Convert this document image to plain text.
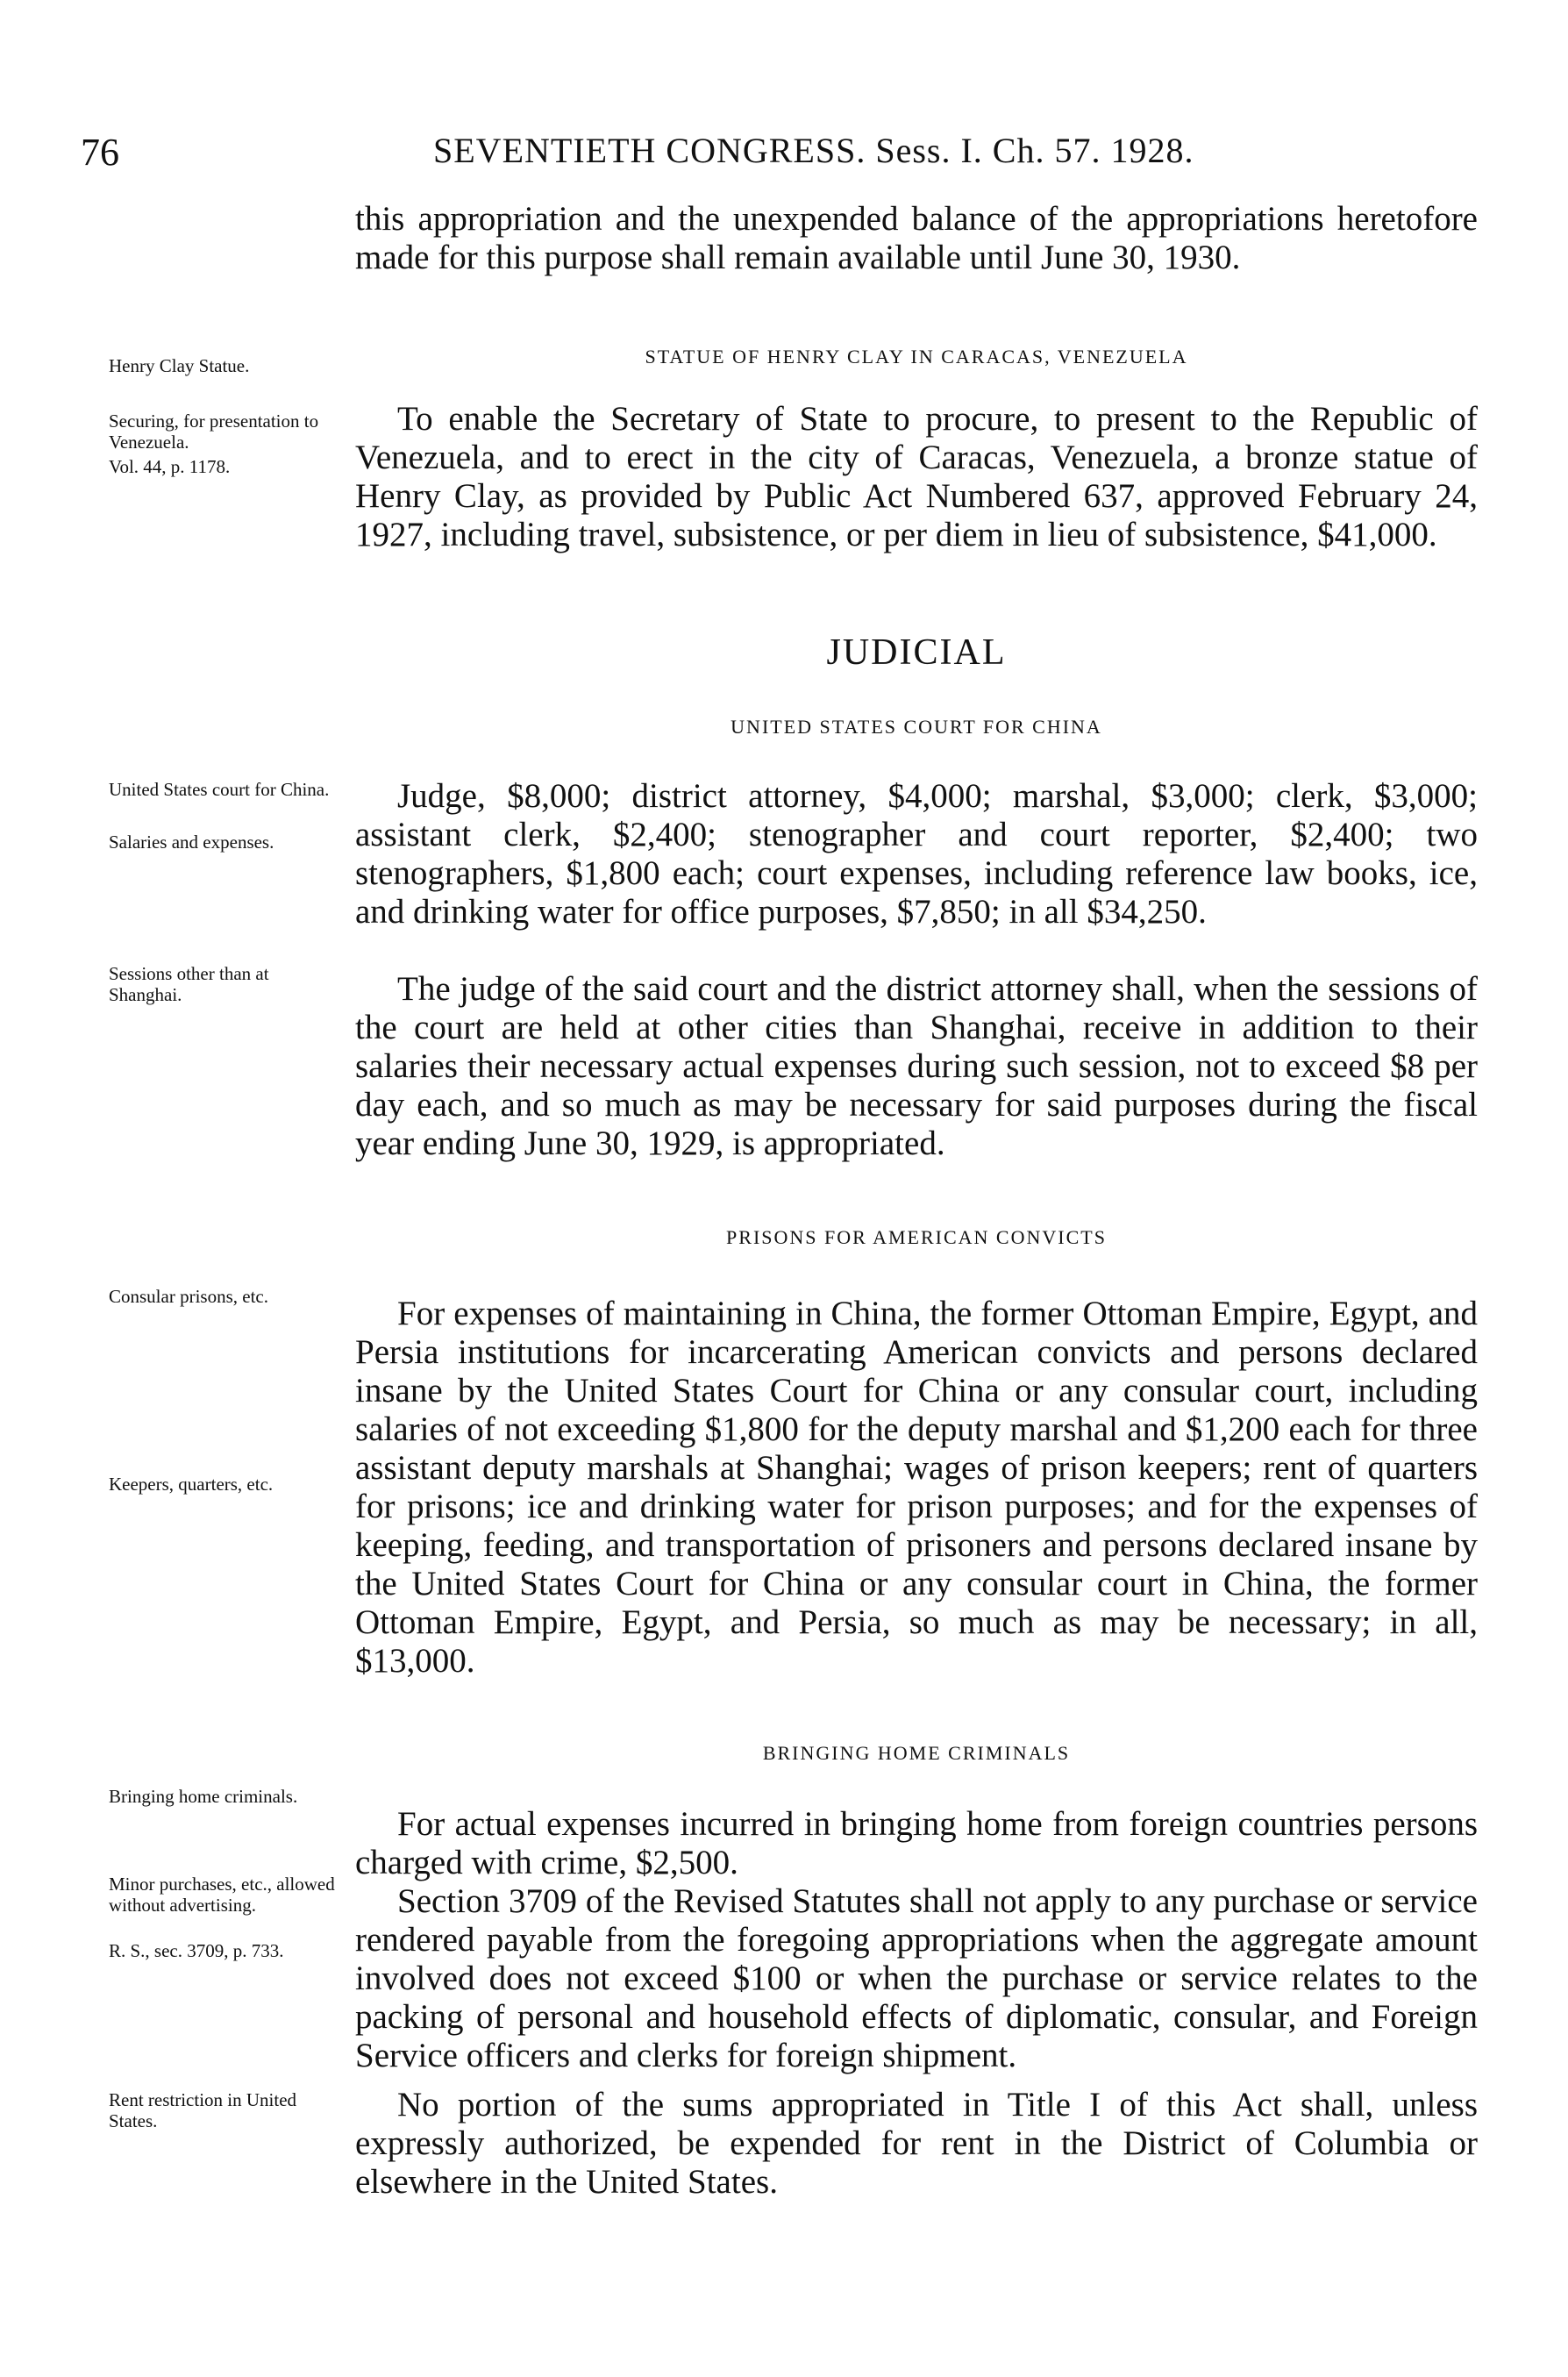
76	SEVENTIETH CONGRESS. Sess. I. Ch. 57. 1928.

this appropriation and the unexpended balance of the appropriations heretofore made for this purpose shall remain available until June 30, 1930.

Henry Clay Statue.	STATUE OF HENRY CLAY IN CARACAS, VENEZUELA
Securing, for presentation to Venezuela.
Vol. 44, p. 1178.

To enable the Secretary of State to procure, to present to the Republic of Venezuela, and to erect in the city of Caracas, Venezuela, a bronze statue of Henry Clay, as provided by Public Act Numbered 637, approved February 24, 1927, including travel, subsistence, or per diem in lieu of subsistence, $41,000.

JUDICIAL
UNITED STATES COURT FOR CHINA
United States court for China.
Salaries and expenses.

Judge, $8,000; district attorney, $4,000; marshal, $3,000; clerk, $3,000; assistant clerk, $2,400; stenographer and court reporter, $2,400; two stenographers, $1,800 each; court expenses, including reference law books, ice, and drinking water for office purposes, $7,850; in all $34,250.

Sessions other than at Shanghai.	The judge of the said court and the district attorney shall, when the sessions of the court are held at other cities than Shanghai, receive in addition to their salaries their necessary actual expenses during such session, not to exceed $8 per day each, and so much as may be necessary for said purposes during the fiscal year ending June 30, 1929, is appropriated.

PRISONS FOR AMERICAN CONVICTS
Consular prisons, etc.
Keepers, quarters, etc.

For expenses of maintaining in China, the former Ottoman Empire, Egypt, and Persia institutions for incarcerating American convicts and persons declared insane by the United States Court for China or any consular court, including salaries of not exceeding $1,800 for the deputy marshal and $1,200 each for three assistant deputy marshals at Shanghai; wages of prison keepers; rent of quarters for prisons; ice and drinking water for prison purposes; and for the expenses of keeping, feeding, and transportation of prisoners and persons declared insane by the United States Court for China or any consular court in China, the former Ottoman Empire, Egypt, and Persia, so much as may be necessary; in all, $13,000.

BRINGING HOME CRIMINALS
Bringing home criminals.

For actual expenses incurred in bringing home from foreign countries persons charged with crime, $2,500.

Minor purchases, etc., allowed without advertising.
R. S., sec. 3709, p. 733.

Section 3709 of the Revised Statutes shall not apply to any purchase or service rendered payable from the foregoing appropriations when the aggregate amount involved does not exceed $100 or when the purchase or service relates to the packing of personal and household effects of diplomatic, consular, and Foreign Service officers and clerks for foreign shipment.

Rent restriction in United States.	No portion of the sums appropriated in Title I of this Act shall, unless expressly authorized, be expended for rent in the District of Columbia or elsewhere in the United States.
